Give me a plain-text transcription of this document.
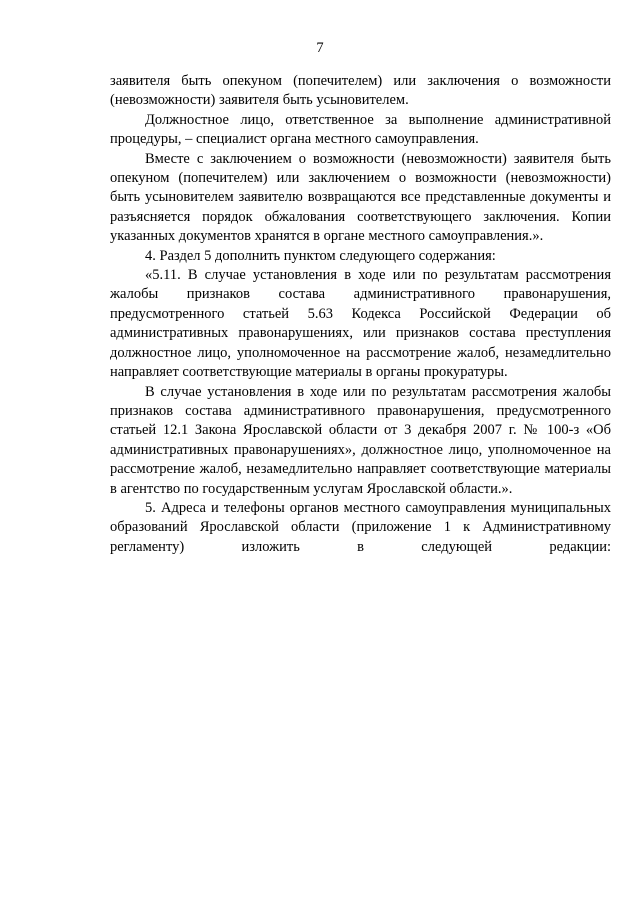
7

заявителя быть опекуном (попечителем) или заключения о возможности (невозможности) заявителя быть усыновителем.

Должностное лицо, ответственное за выполнение административной процедуры, – специалист органа местного самоуправления.

Вместе с заключением о возможности (невозможности) заявителя быть опекуном (попечителем) или заключением о возможности (невозможности) быть усыновителем заявителю возвращаются все представленные документы и разъясняется порядок обжалования соответствующего заключения. Копии указанных документов хранятся в органе местного самоуправления.».

4. Раздел 5 дополнить пунктом следующего содержания:

«5.11. В случае установления в ходе или по результатам рассмотрения жалобы признаков состава административного правонарушения, предусмотренного статьей 5.63 Кодекса Российской Федерации об административных правонарушениях, или признаков состава преступления должностное лицо, уполномоченное на рассмотрение жалоб, незамедлительно направляет соответствующие материалы в органы прокуратуры.

В случае установления в ходе или по результатам рассмотрения жалобы признаков состава административного правонарушения, предусмотренного статьей 12.1 Закона Ярославской области от 3 декабря 2007 г. № 100-з «Об административных правонарушениях», должностное лицо, уполномоченное на рассмотрение жалоб, незамедлительно направляет соответствующие материалы в агентство по государственным услугам Ярославской области.».

5. Адреса и телефоны органов местного самоуправления муниципальных образований Ярославской области (приложение 1 к Административному регламенту) изложить в следующей редакции:
